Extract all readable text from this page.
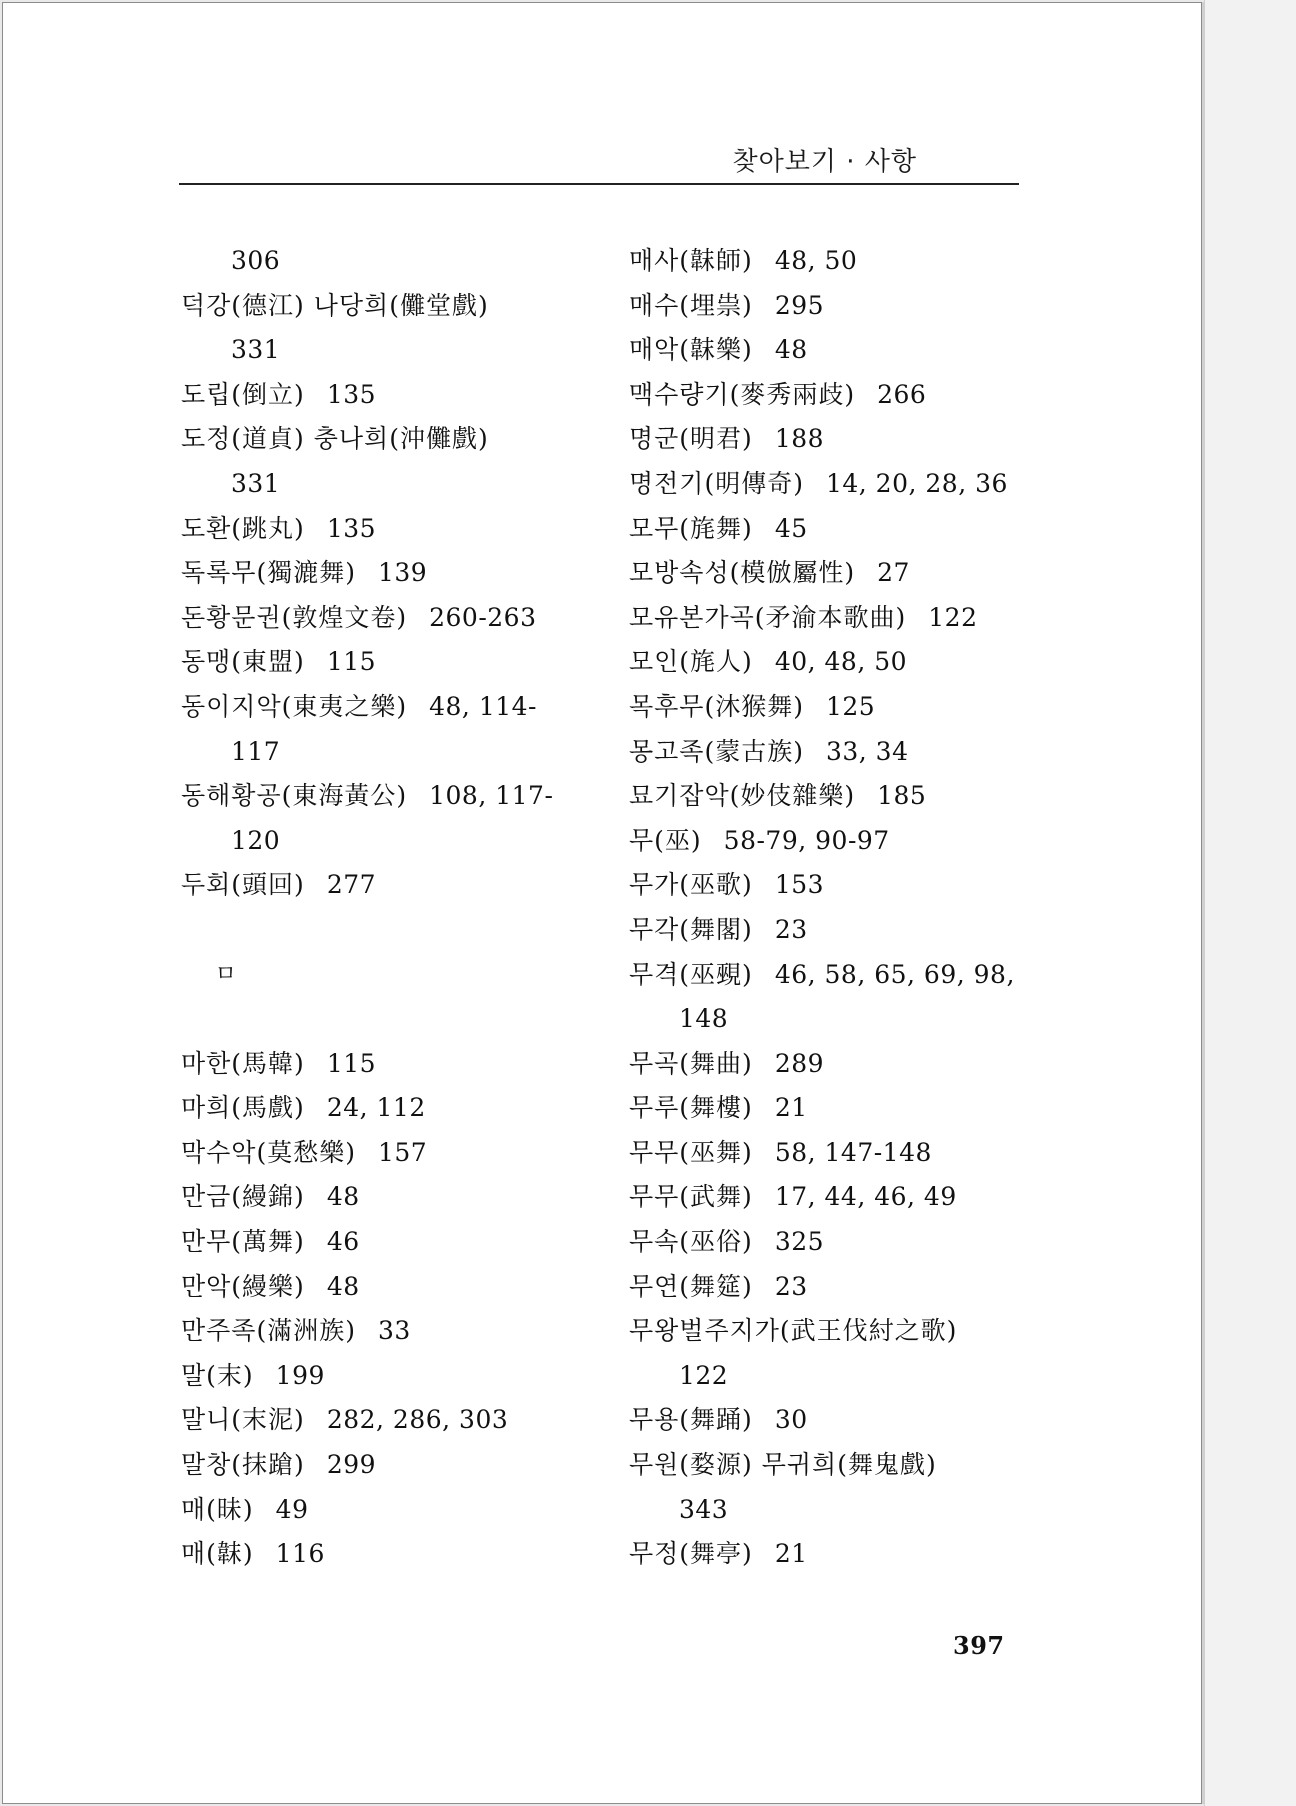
찾아보기 · 사항
306
덕강(德江) 나당희(儺堂戲)
331
도립(倒立) 135
도정(道貞) 충나희(沖儺戲)
331
도환(跳丸) 135
독록무(獨漉舞) 139
돈황문권(敦煌文卷) 260-263
동맹(東盟) 115
동이지악(東夷之樂) 48, 114-
117
동해황공(東海黃公) 108, 117-
120
두회(頭回) 277
ㅁ
마한(馬韓) 115
마희(馬戲) 24, 112
막수악(莫愁樂) 157
만금(縵錦) 48
만무(萬舞) 46
만악(縵樂) 48
만주족(滿洲族) 33
말(末) 199
말니(末泥) 282, 286, 303
말창(抹蹌) 299
매(昧) 49
매(韎) 116
매사(韎師) 48, 50
매수(埋祟) 295
매악(韎樂) 48
맥수량기(麥秀兩歧) 266
명군(明君) 188
명전기(明傳奇) 14, 20, 28, 36
모무(旄舞) 45
모방속성(模倣屬性) 27
모유본가곡(矛渝本歌曲) 122
모인(旄人) 40, 48, 50
목후무(沐猴舞) 125
몽고족(蒙古族) 33, 34
묘기잡악(妙伎雜樂) 185
무(巫) 58-79, 90-97
무가(巫歌) 153
무각(舞閣) 23
무격(巫覡) 46, 58, 65, 69, 98,
148
무곡(舞曲) 289
무루(舞樓) 21
무무(巫舞) 58, 147-148
무무(武舞) 17, 44, 46, 49
무속(巫俗) 325
무연(舞筵) 23
무왕벌주지가(武王伐紂之歌)
122
무용(舞踊) 30
무원(婺源) 무귀희(舞鬼戲)
343
무정(舞亭) 21
397
